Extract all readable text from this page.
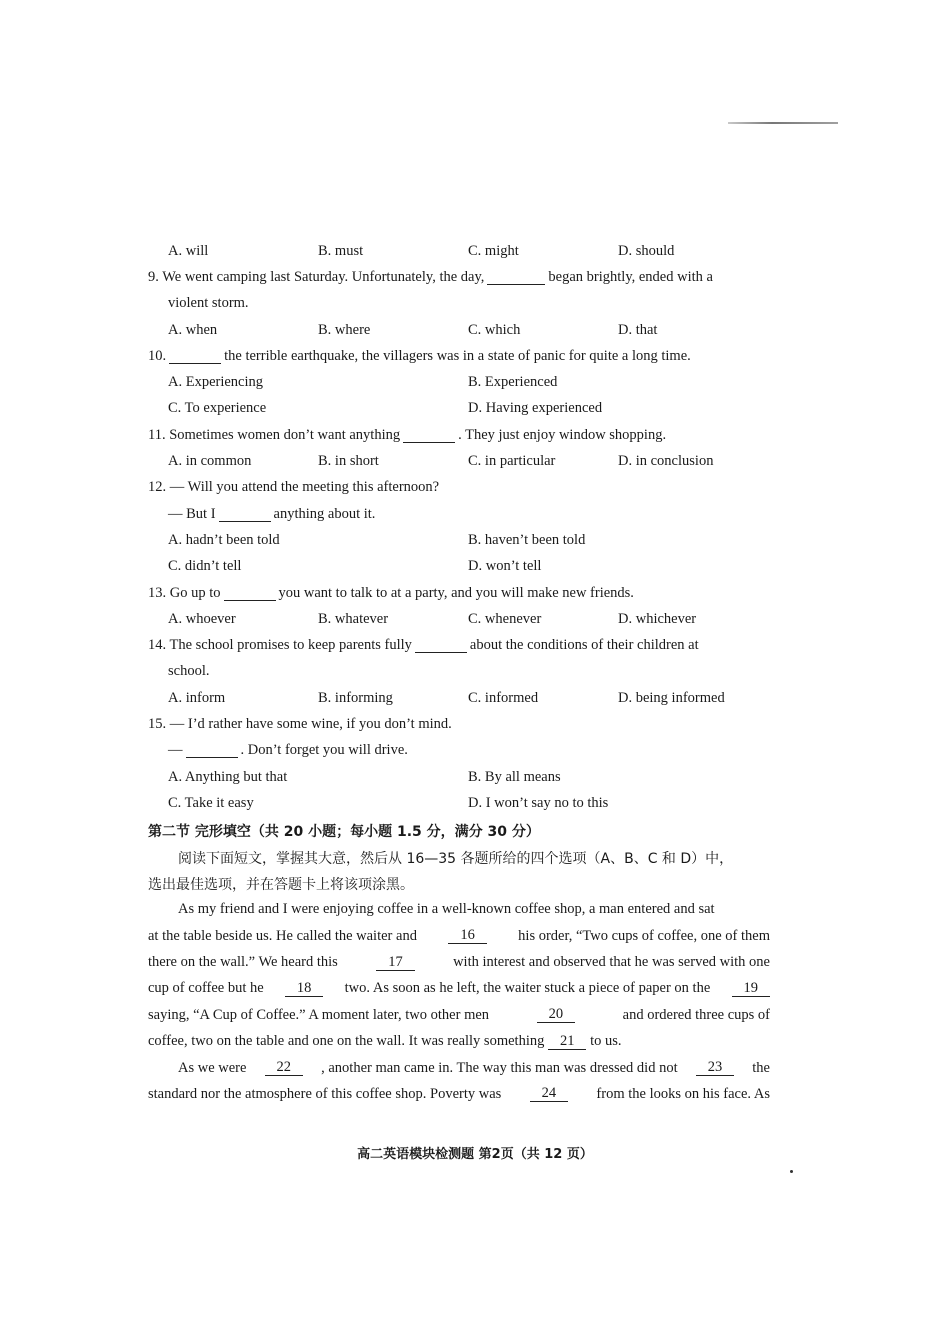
A. will	B. must	C. might	D. should
9. We went camping last Saturday. Unfortunately, the day,	began brightly, ended with a
violent storm.
A. when	B. where	C. which	D. that
10.	the terrible earthquake, the villagers was in a state of panic for quite a long time.
A. Experiencing	B. Experienced
C. To experience	D. Having experienced
11. Sometimes women don’t want anything	. They just enjoy window shopping.
A. in common	B. in short	C. in particular	D. in conclusion
12. — Will you attend the meeting this afternoon?
— But I	anything about it.
A. hadn’t been told	B. haven’t been told
C. didn’t tell	D. won’t tell
13. Go up to	you want to talk to at a party, and you will make new friends.
A. whoever	B. whatever	C. whenever	D. whichever
14. The school promises to keep parents fully	about the conditions of their children at
school.
A. inform	B. informing	C. informed	D. being informed
15. — I’d rather have some wine, if you don’t mind.
—	. Don’t forget you will drive.
A. Anything but that	B. By all means
C. Take it easy	D. I won’t say no to this
第二节 完形填空（共 20 小题；每小题 1.5 分，满分 30 分）
阅读下面短文，掌握其大意，然后从 16—35 各题所给的四个选项（A、B、C 和 D）中，
选出最佳选项，并在答题卡上将该项涂黑。
As my friend and I were enjoying coffee in a well-known coffee shop, a man entered and sat
at the table beside us. He called the waiter and	16	his order, “Two cups of coffee, one of them
there on the wall.” We heard this	17	with interest and observed that he was served with one
cup of coffee but he	18	two. As soon as he left, the waiter stuck a piece of paper on the	19
saying, “A Cup of Coffee.” A moment later, two other men	20	and ordered three cups of
coffee, two on the table and one on the wall. It was really something
	21
	to us.
As we were	22	, another man came in. The way this man was dressed did not	23	the
standard nor the atmosphere of this coffee shop. Poverty was	24	from the looks on his face. As
高二英语模块检测题 第2页（共 12 页）
